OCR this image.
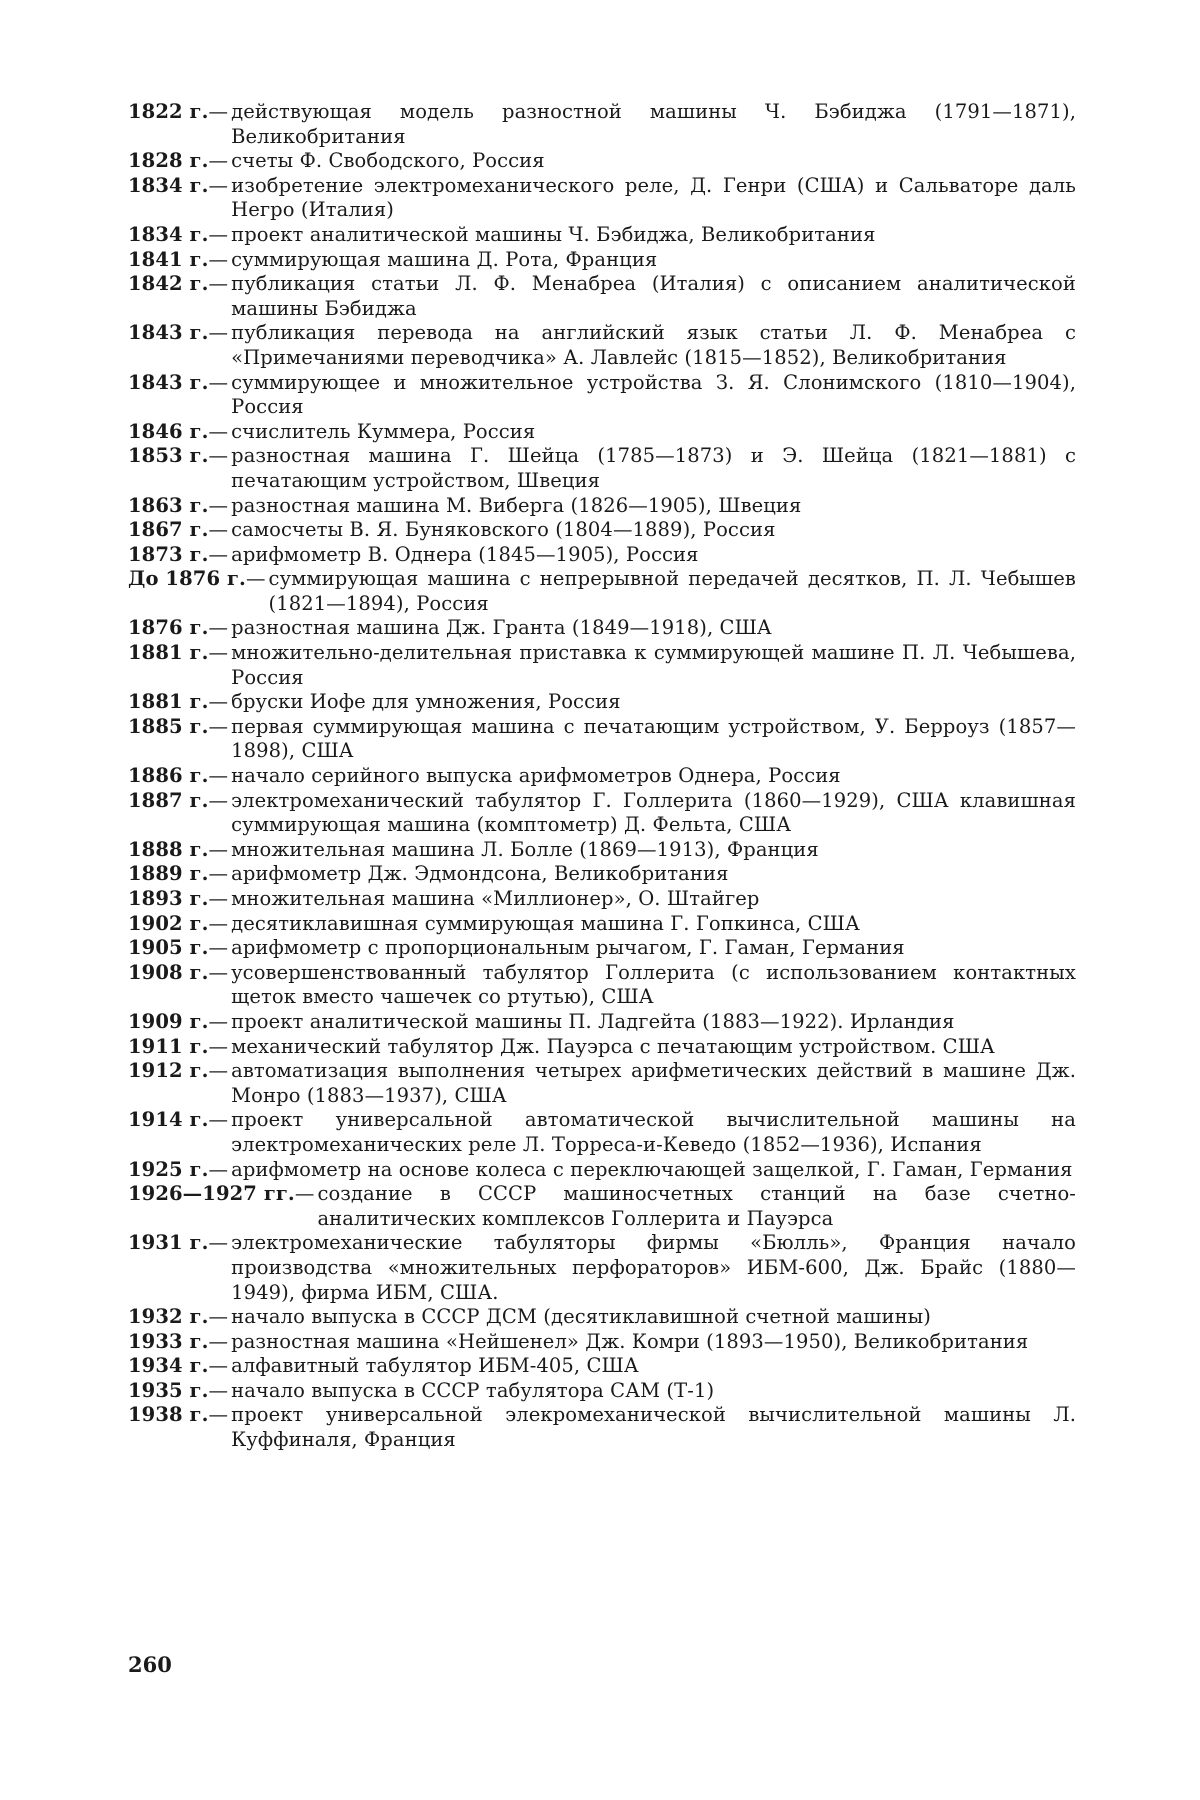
1822 г. — действующая модель разностной машины Ч. Бэбиджа (1791—1871), Великобритания
1828 г. — счеты Ф. Свободского, Россия
1834 г. — изобретение электромеханического реле, Д. Генри (США) и Сальваторе даль Негро (Италия)
1834 г. — проект аналитической машины Ч. Бэбиджа, Великобритания
1841 г. — суммирующая машина Д. Рота, Франция
1842 г. — публикация статьи Л. Ф. Менабреа (Италия) с описанием аналитической машины Бэбиджа
1843 г. — публикация перевода на английский язык статьи Л. Ф. Менабреа с «Примечаниями переводчика» А. Лавлейс (1815—1852), Великобритания
1843 г. — суммирующее и множительное устройства З. Я. Слонимского (1810—1904), Россия
1846 г. — счислитель Куммера, Россия
1853 г. — разностная машина Г. Шейца (1785—1873) и Э. Шейца (1821—1881) с печатающим устройством, Швеция
1863 г. — разностная машина М. Виберга (1826—1905), Швеция
1867 г. — самосчеты В. Я. Буняковского (1804—1889), Россия
1873 г. — арифмометр В. Однера (1845—1905), Россия
До 1876 г. — суммирующая машина с непрерывной передачей десятков, П. Л. Чебышев (1821—1894), Россия
1876 г. — разностная машина Дж. Гранта (1849—1918), США
1881 г. — множительно-делительная приставка к суммирующей машине П. Л. Чебышева, Россия
1881 г. — бруски Иофе для умножения, Россия
1885 г. — первая суммирующая машина с печатающим устройством, У. Берроуз (1857—1898), США
1886 г. — начало серийного выпуска арифмометров Однера, Россия
1887 г. — электромеханический табулятор Г. Голлерита (1860—1929), США клавишная суммирующая машина (комптометр) Д. Фельта, США
1888 г. — множительная машина Л. Болле (1869—1913), Франция
1889 г. — арифмометр Дж. Эдмондсона, Великобритания
1893 г. — множительная машина «Миллионер», О. Штайгер
1902 г. — десятиклавишная суммирующая машина Г. Гопкинса, США
1905 г. — арифмометр с пропорциональным рычагом, Г. Гаман, Германия
1908 г. — усовершенствованный табулятор Голлерита (с использованием контактных щеток вместо чашечек со ртутью), США
1909 г. — проект аналитической машины П. Ладгейта (1883—1922). Ирландия
1911 г. — механический табулятор Дж. Пауэрса с печатающим устройством. США
1912 г. — автоматизация выполнения четырех арифметических действий в машине Дж. Монро (1883—1937), США
1914 г. — проект универсальной автоматической вычислительной машины на электромеханических реле Л. Торреса-и-Кеведо (1852—1936), Испания
1925 г. — арифмометр на основе колеса с переключающей защелкой, Г. Гаман, Германия
1926—1927 гг. — создание в СССР машиносчетных станций на базе счетно-аналитических комплексов Голлерита и Пауэрса
1931 г. — электромеханические табуляторы фирмы «Бюлль», Франция начало производства «множительных перфораторов» ИБМ-600, Дж. Брайс (1880—1949), фирма ИБМ, США.
1932 г. — начало выпуска в СССР ДСМ (десятиклавишной счетной машины)
1933 г. — разностная машина «Нейшенел» Дж. Комри (1893—1950), Великобритания
1934 г. — алфавитный табулятор ИБМ-405, США
1935 г. — начало выпуска в СССР табулятора САМ (Т-1)
1938 г. — проект универсальной элекромеханической вычислительной машины Л. Куффиналя, Франция
260
